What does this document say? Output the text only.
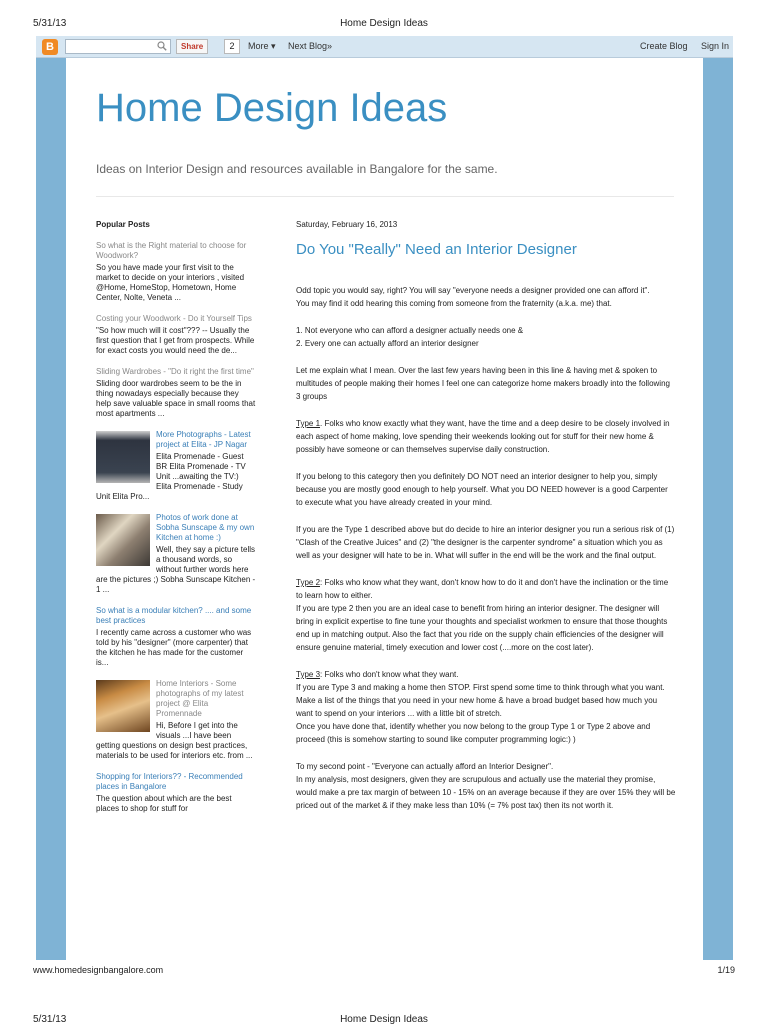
5/31/13	Home Design Ideas
B	Share	2	More ▾ Next Blog»	Create Blog Sign In
Home Design Ideas
Ideas on Interior Design and resources available in Bangalore for the same.
Popular Posts
So what is the Right material to choose for Woodwork?
So you have made your first visit to the market to decide on your interiors , visited @Home, HomeStop, Hometown, Home Center, Nolte, Veneta ...
Costing your Woodwork - Do it Yourself Tips
"So how much will it cost"??? -- Usually the first question that I get from prospects. While for exact costs you would need the de...
Sliding Wardrobes - "Do it right the first time"
Sliding door wardrobes seem to be the in thing nowadays especially because they help save valuable space in small rooms that most apartments ...
More Photographs - Latest project at Elita - JP Nagar
Elita Promenade - Guest BR Elita Promenade - TV Unit ...awaiting the TV:) Elita Promenade - Study Unit Elita Pro...
Photos of work done at Sobha Sunscape & my own Kitchen at home :)
Well, they say a picture tells a thousand words, so without further words here are the pictures ;) Sobha Sunscape Kitchen - 1 ...
So what is a modular kitchen? .... and some best practices
I recently came across a customer who was told by his "designer" (more carpenter) that the kitchen he has made for the customer is...
Home Interiors - Some photographs of my latest project @ Elita Promennade
Hi, Before I get into the visuals ...I have been getting questions on design best practices, materials to be used for interiors etc. from ...
Shopping for Interiors?? - Recommended places in Bangalore
The question about which are the best places to shop for stuff for
Saturday, February 16, 2013
Do You "Really" Need an Interior Designer
Odd topic you would say, right? You will say "everyone needs a designer provided one can afford it".
You may find it odd hearing this coming from someone from the fraternity (a.k.a. me) that.
1. Not everyone who can afford a designer actually needs one &
2. Every one can actually afford an interior designer
Let me explain what I mean. Over the last few years having been in this line & having met & spoken to multitudes of people making their homes I feel one can categorize home makers broadly into the following 3 groups
Type 1. Folks who know exactly what they want, have the time and a deep desire to be closely involved in each aspect of home making, love spending their weekends looking out for stuff for their new home & possibly have someone or can themselves supervise daily construction.
If you belong to this category then you definitely DO NOT need an interior designer to help you, simply because you are mostly good enough to help yourself. What you DO NEED however is a good Carpenter to execute what you have already created in your mind.
If you are the Type 1 described above but do decide to hire an interior designer you run a serious risk of (1) "Clash of the Creative Juices" and (2) "the designer is the carpenter syndrome" a situation which you as well as your designer will hate to be in. What will suffer in the end will be the work and the final output.
Type 2: Folks who know what they want, don't know how to do it and don't have the inclination or the time to learn how to either.
If you are type 2 then you are an ideal case to benefit from hiring an interior designer. The designer will bring in explicit expertise to fine tune your thoughts and specialist workmen to ensure that those thoughts end up in matching output. Also the fact that you ride on the supply chain efficiencies of the designer will ensure genuine material, timely execution and lower cost (....more on the cost later).
Type 3: Folks who don't know what they want.
If you are Type 3 and making a home then STOP. First spend some time to think through what you want. Make a list of the things that you need in your new home & have a broad budget based how much you want to spend on your interiors ... with a little bit of stretch.
Once you have done that, identify whether you now belong to the group Type 1 or Type 2 above and proceed (this is somehow starting to sound like computer programming logic:) )
To my second point - "Everyone can actually afford an Interior Designer".
In my analysis, most designers, given they are scrupulous and actually use the material they promise, would make a pre tax margin of between 10 - 15% on an average because if they are over 15% they will be priced out of the market & if they make less than 10% (= 7% post tax) then its not worth it.
www.homedesignbangalore.com	1/19
5/31/13	Home Design Ideas
